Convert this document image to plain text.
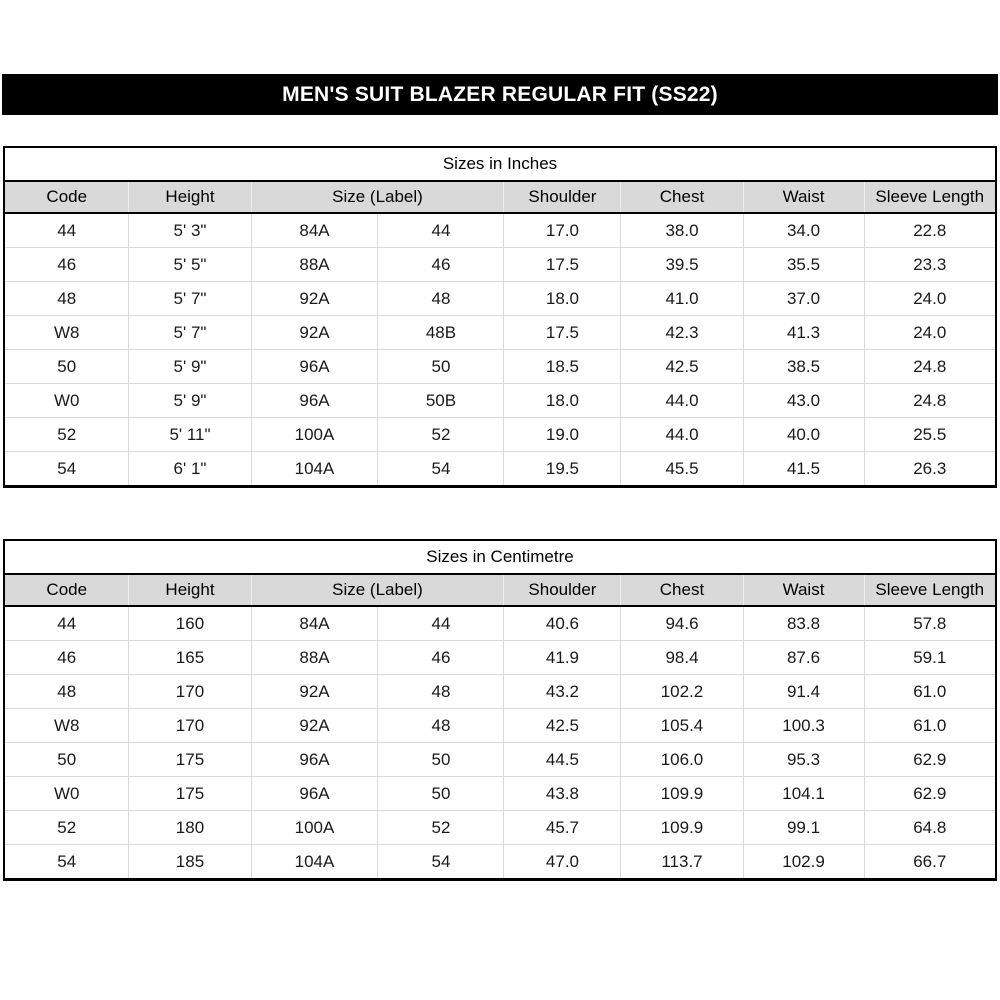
MEN'S SUIT BLAZER REGULAR FIT (SS22)
Sizes in Inches							
Code	Height	Size (Label)		Shoulder	Chest	Waist	Sleeve Length
44	5' 3"	84A	44	17.0	38.0	34.0	22.8
46	5' 5"	88A	46	17.5	39.5	35.5	23.3
48	5' 7"	92A	48	18.0	41.0	37.0	24.0
W8	5' 7"	92A	48B	17.5	42.3	41.3	24.0
50	5' 9"	96A	50	18.5	42.5	38.5	24.8
W0	5' 9"	96A	50B	18.0	44.0	43.0	24.8
52	5' 11"	100A	52	19.0	44.0	40.0	25.5
54	6' 1"	104A	54	19.5	45.5	41.5	26.3
Sizes in Centimetre							
Code	Height	Size (Label)		Shoulder	Chest	Waist	Sleeve Length
44	160	84A	44	40.6	94.6	83.8	57.8
46	165	88A	46	41.9	98.4	87.6	59.1
48	170	92A	48	43.2	102.2	91.4	61.0
W8	170	92A	48	42.5	105.4	100.3	61.0
50	175	96A	50	44.5	106.0	95.3	62.9
W0	175	96A	50	43.8	109.9	104.1	62.9
52	180	100A	52	45.7	109.9	99.1	64.8
54	185	104A	54	47.0	113.7	102.9	66.7
